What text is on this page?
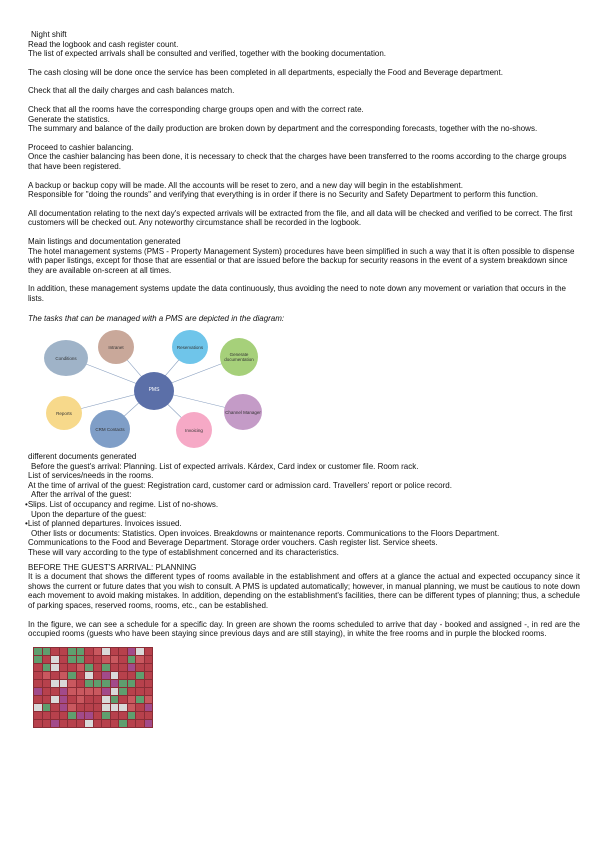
Night shift

Read the logbook and cash register count.

The list of expected arrivals shall be consulted and verified, together with the booking documentation.

The cash closing will be done once the service has been completed in all departments, especially the Food and Beverage department.

Check that all the daily charges and cash balances match.

Check that all the rooms have the corresponding charge groups open and with the correct rate.

Generate the statistics.

The summary and balance of the daily production are broken down by department and the corresponding forecasts, together with the no-shows.

Proceed to cashier balancing.

Once the cashier balancing has been done, it is necessary to check that the charges have been transferred to the rooms according to the charge groups that have been registered.

A backup or backup copy will be made. All the accounts will be reset to zero, and a new day will begin in the establishment.

Responsible for "doing the rounds" and verifying that everything is in order if there is no Security and Safety Department to perform this function.

All documentation relating to the next day's expected arrivals will be extracted from the file, and all data will be checked and verified to be correct. The first customers will be checked out. Any noteworthy circumstance shall be recorded in the logbook.

Main listings and documentation generated

The hotel management systems (PMS - Property Management System) procedures have been simplified in such a way that it is often possible to dispense with paper listings, except for those that are essential or that are issued before the backup for security reasons in the event of a system breakdown since they are available on-screen at all times.

In addition, these management systems update the data continuously, thus avoiding the need to note down any movement or variation that occurs in the lists.

The tasks that can be managed with a PMS are depicted in the diagram:

Conditions
Intranet	Reservations
Generate documentation
Channel Manager
Invoicing
CRM Contacts
Reports
PMS

different documents generated

Before the guest's arrival: Planning. List of expected arrivals. Kárdex, Card index or customer file. Room rack.

List of services/needs in the rooms.

At the time of arrival of the guest: Registration card, customer card or admission card. Travellers' report or police record.

After the arrival of the guest:

•Slips. List of occupancy and regime. List of no-shows.

Upon the departure of the guest:

•List of planned departures. Invoices issued.

Other lists or documents: Statistics. Open invoices. Breakdowns or maintenance reports. Communications to the Floors Department.

Communications to the Food and Beverage Department. Storage order vouchers. Cash register list. Service sheets.

These will vary according to the type of establishment concerned and its characteristics.

BEFORE THE GUEST'S ARRIVAL: PLANNING

It is a document that shows the different types of rooms available in the establishment and offers at a glance the actual and expected occupancy since it shows the current or future dates that you wish to consult. A PMS is updated automatically; however, in manual planning, we must be cautious to note down each movement to avoid making mistakes. In addition, depending on the establishment's facilities, there can be different types of planning; thus, a schedule of parking spaces, reserved rooms, rooms, etc., can be established.

In the figure, we can see a schedule for a specific day. In green are shown the rooms scheduled to arrive that day - booked and assigned -, in red are the occupied rooms (guests who have been staying since previous days and are still staying), in white the free rooms and in purple the blocked rooms.
